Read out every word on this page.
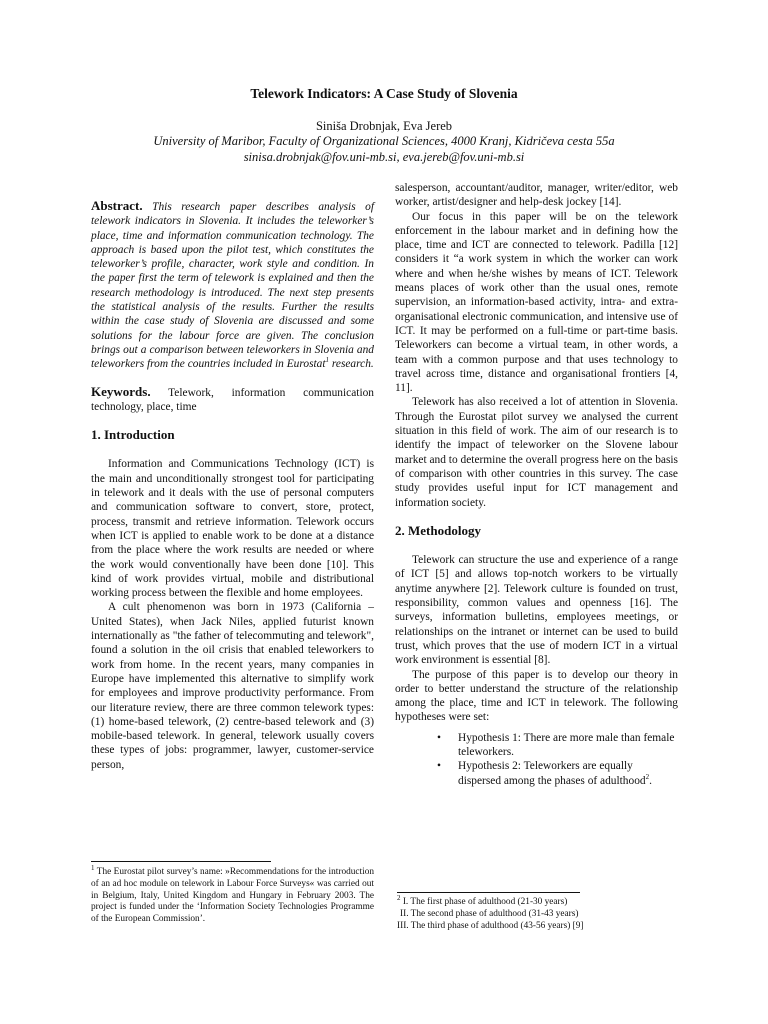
Telework Indicators: A Case Study of Slovenia
Siniša Drobnjak, Eva Jereb
University of Maribor, Faculty of Organizational Sciences, 4000 Kranj, Kidričeva cesta 55a
sinisa.drobnjak@fov.uni-mb.si, eva.jereb@fov.uni-mb.si

Abstract. This research paper describes analysis of telework indicators in Slovenia. It includes the teleworker’s place, time and information communication technology. The approach is based upon the pilot test, which constitutes the teleworker’s profile, character, work style and condition. In the paper first the term of telework is explained and then the research methodology is introduced. The next step presents the statistical analysis of the results. Further the results within the case study of Slovenia are discussed and some solutions for the labour force are given. The conclusion brings out a comparison between teleworkers in Slovenia and teleworkers from the countries included in Eurostat$^1$ research.

Keywords. Telework, information communication technology, place, time

1. Introduction

Information and Communications Technology (ICT) is the main and unconditionally strongest tool for participating in telework and it deals with the use of personal computers and communication software to convert, store, protect, process, transmit and retrieve information. Telework occurs when ICT is applied to enable work to be done at a distance from the place where the work results are needed or where the work would conventionally have been done [10]. This kind of work provides virtual, mobile and distributional working process between the flexible and home employees.

A cult phenomenon was born in 1973 (California – United States), when Jack Niles, applied futurist known internationally as "the father of telecommuting and telework", found a solution in the oil crisis that enabled teleworkers to work from home. In the recent years, many companies in Europe have implemented this alternative to simplify work for employees and improve productivity performance. From our literature review, there are three common telework types: (1) home-based telework, (2) centre-based telework and (3) mobile-based telework. In general, telework usually covers these types of jobs: programmer, lawyer, customer-service person,

$^1$ The Eurostat pilot survey’s name: »Recommendations for the introduction of an ad hoc module on telework in Labour Force Surveys« was carried out in Belgium, Italy, United Kingdom and Hungary in February 2003. The project is funded under the ‘Information Society Technologies Programme of the European Commission’.

salesperson, accountant/auditor, manager, writer/editor, web worker, artist/designer and help-desk jockey [14].

Our focus in this paper will be on the telework enforcement in the labour market and in defining how the place, time and ICT are connected to telework. Padilla [12] considers it “a work system in which the worker can work where and when he/she wishes by means of ICT. Telework means places of work other than the usual ones, remote supervision, an information-based activity, intra- and extra-organisational electronic communication, and intensive use of ICT. It may be performed on a full-time or part-time basis. Teleworkers can become a virtual team, in other words, a team with a common purpose and that uses technology to travel across time, distance and organisational frontiers [4, 11].

Telework has also received a lot of attention in Slovenia. Through the Eurostat pilot survey we analysed the current situation in this field of work. The aim of our research is to identify the impact of teleworker on the Slovene labour market and to determine the overall progress here on the basis of comparison with other countries in this survey. The case study provides useful input for ICT management and information society.

2. Methodology

Telework can structure the use and experience of a range of ICT [5] and allows top-notch workers to be virtually anytime anywhere [2]. Telework culture is founded on trust, responsibility, common values and openness [16]. The surveys, information bulletins, employees meetings, or relationships on the intranet or internet can be used to build trust, which proves that the use of modern ICT in a virtual work environment is essential [8].

The purpose of this paper is to develop our theory in order to better understand the structure of the relationship among the place, time and ICT in telework. The following hypotheses were set:

• Hypothesis 1: There are more male than female teleworkers.
• Hypothesis 2: Teleworkers are equally dispersed among the phases of adulthood$^2$.
$^2$ I. The first phase of adulthood (21-30 years)
II. The second phase of adulthood (31-43 years)
III. The third phase of adulthood (43-56 years) [9]
